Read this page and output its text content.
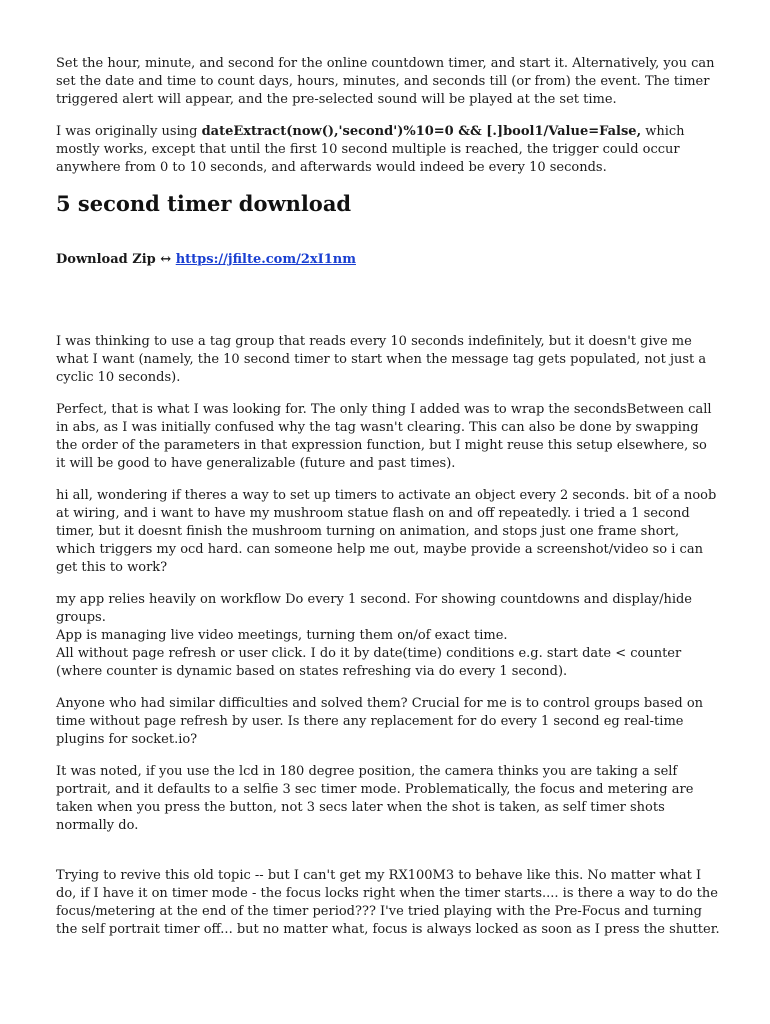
Set the hour, minute, and second for the online countdown timer, and start it. Alternatively, you can set the date and time to count days, hours, minutes, and seconds till (or from) the event. The timer triggered alert will appear, and the pre-selected sound will be played at the set time.

I was originally using dateExtract(now(),'second')%10=0 && [.]bool1/Value=False, which mostly works, except that until the first 10 second multiple is reached, the trigger could occur anywhere from 0 to 10 seconds, and afterwards would indeed be every 10 seconds.

5 second timer download

Download Zip ↔ https://jfilte.com/2xI1nm

I was thinking to use a tag group that reads every 10 seconds indefinitely, but it doesn't give me what I want (namely, the 10 second timer to start when the message tag gets populated, not just a cyclic 10 seconds).

Perfect, that is what I was looking for. The only thing I added was to wrap the secondsBetween call in abs, as I was initially confused why the tag wasn't clearing. This can also be done by swapping the order of the parameters in that expression function, but I might reuse this setup elsewhere, so it will be good to have generalizable (future and past times).

hi all, wondering if theres a way to set up timers to activate an object every 2 seconds. bit of a noob at wiring, and i want to have my mushroom statue flash on and off repeatedly. i tried a 1 second timer, but it doesnt finish the mushroom turning on animation, and stops just one frame short, which triggers my ocd hard. can someone help me out, maybe provide a screenshot/video so i can get this to work?

my app relies heavily on workflow Do every 1 second. For showing countdowns and display/hide groups.
App is managing live video meetings, turning them on/of exact time.
All without page refresh or user click. I do it by date(time) conditions e.g. start date < counter (where counter is dynamic based on states refreshing via do every 1 second).

Anyone who had similar difficulties and solved them? Crucial for me is to control groups based on time without page refresh by user. Is there any replacement for do every 1 second eg real-time plugins for socket.io?

It was noted, if you use the lcd in 180 degree position, the camera thinks you are taking a self portrait, and it defaults to a selfie 3 sec timer mode. Problematically, the focus and metering are taken when you press the button, not 3 secs later when the shot is taken, as self timer shots normally do.

Trying to revive this old topic -- but I can't get my RX100M3 to behave like this. No matter what I do, if I have it on timer mode - the focus locks right when the timer starts.... is there a way to do the focus/metering at the end of the timer period??? I've tried playing with the Pre-Focus and turning the self portrait timer off... but no matter what, focus is always locked as soon as I press the shutter.
